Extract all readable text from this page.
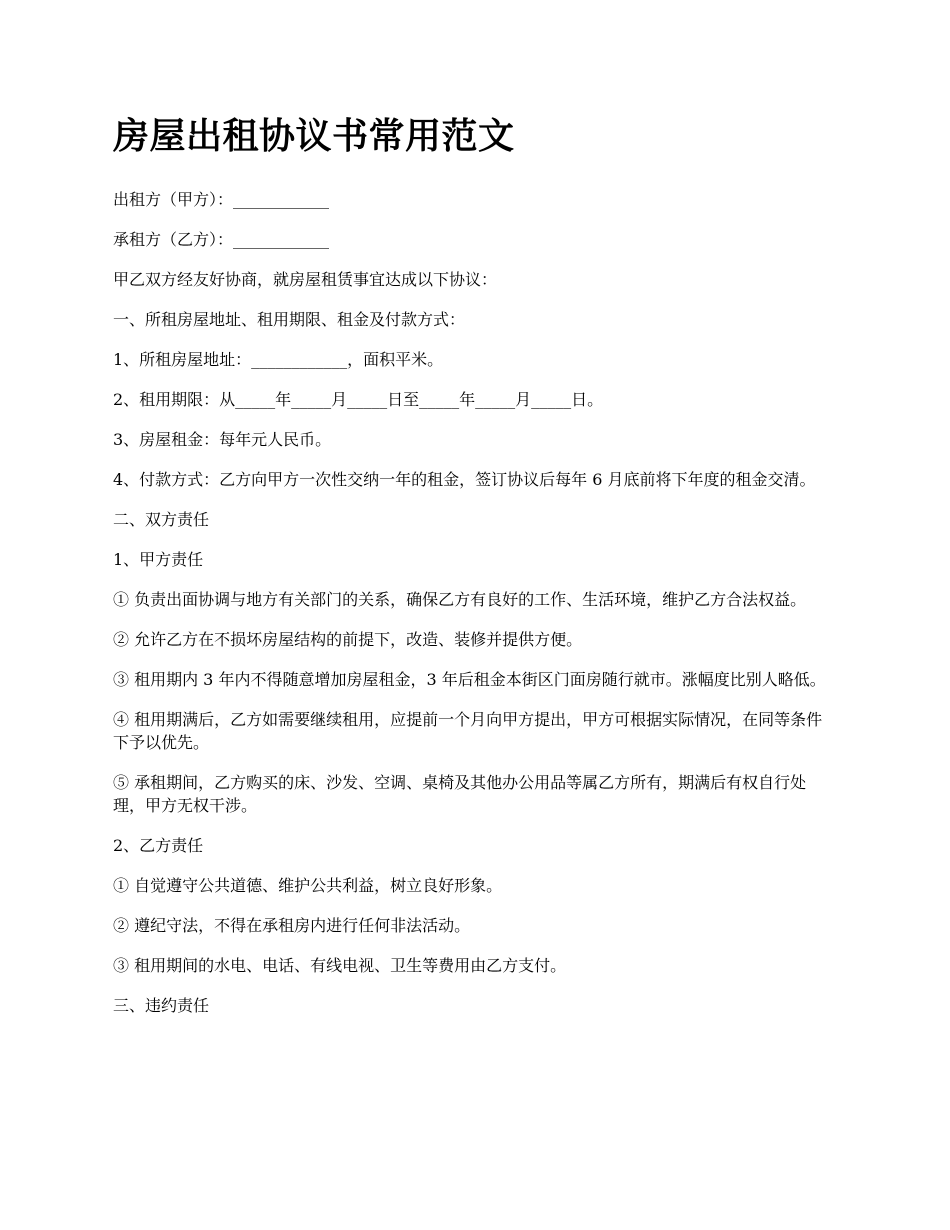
房屋出租协议书常用范文

出租方（甲方）：____________

承租方（乙方）：____________

甲乙双方经友好协商，就房屋租赁事宜达成以下协议：

一、所租房屋地址、租用期限、租金及付款方式：

1、所租房屋地址：____________，面积平米。

2、租用期限：从_____年_____月_____日至_____年_____月_____日。

3、房屋租金：每年元人民币。

4、付款方式：乙方向甲方一次性交纳一年的租金，签订协议后每年 6 月底前将下年度的租金交清。

二、双方责任

1、甲方责任

① 负责出面协调与地方有关部门的关系，确保乙方有良好的工作、生活环境，维护乙方合法权益。

② 允许乙方在不损坏房屋结构的前提下，改造、装修并提供方便。

③ 租用期内 3 年内不得随意增加房屋租金，3 年后租金本街区门面房随行就市。涨幅度比别人略低。

④ 租用期满后，乙方如需要继续租用，应提前一个月向甲方提出，甲方可根据实际情况，在同等条件下予以优先。

⑤ 承租期间，乙方购买的床、沙发、空调、桌椅及其他办公用品等属乙方所有，期满后有权自行处理，甲方无权干涉。

2、乙方责任

① 自觉遵守公共道德、维护公共利益，树立良好形象。

② 遵纪守法，不得在承租房内进行任何非法活动。

③ 租用期间的水电、电话、有线电视、卫生等费用由乙方支付。

三、违约责任
